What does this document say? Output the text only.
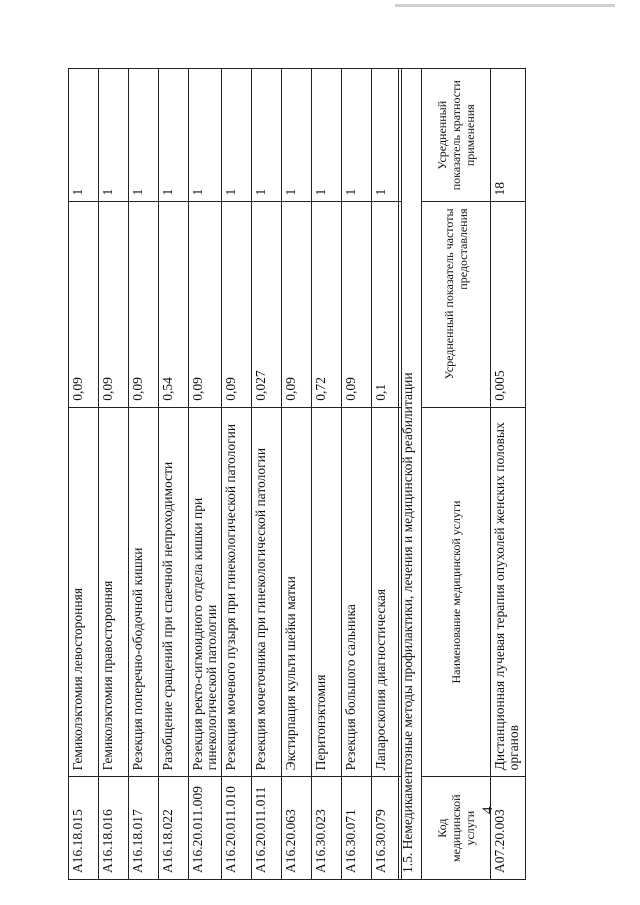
4
A16.18.015	Гемиколэктомия левосторонняя	0,09	1
A16.18.016	Гемиколэктомия правосторонняя	0,09	1
A16.18.017	Резекция поперечно-ободочной кишки	0,09	1
A16.18.022	Разобщение сращений при спаечной непроходимости	0,54	1
A16.20.011.009	Резекция ректо-сигмоидного отдела кишки при гинекологической патологии	0,09	1
A16.20.011.010	Резекция мочевого пузыря при гинекологической патологии	0,09	1
A16.20.011.011	Резекция мочеточника при гинекологической патологии	0,027	1
A16.20.063	Экстирпация культи шейки матки	0,09	1
A16.30.023	Перитонэктомия	0,72	1
A16.30.071	Резекция большого сальника	0,09	1
A16.30.079	Лапароскопия диагностическая	0,1	1
1.5. Немедикаментозные методы профилактики, лечения и медицинской реабилитации			
Код медицинской услуги	Наименование медицинской услуги	Усредненный показатель частоты предоставления	Усредненный показатель кратности применения
A07.20.003	Дистанционная лучевая терапия опухолей женских половых органов	0,005	18
